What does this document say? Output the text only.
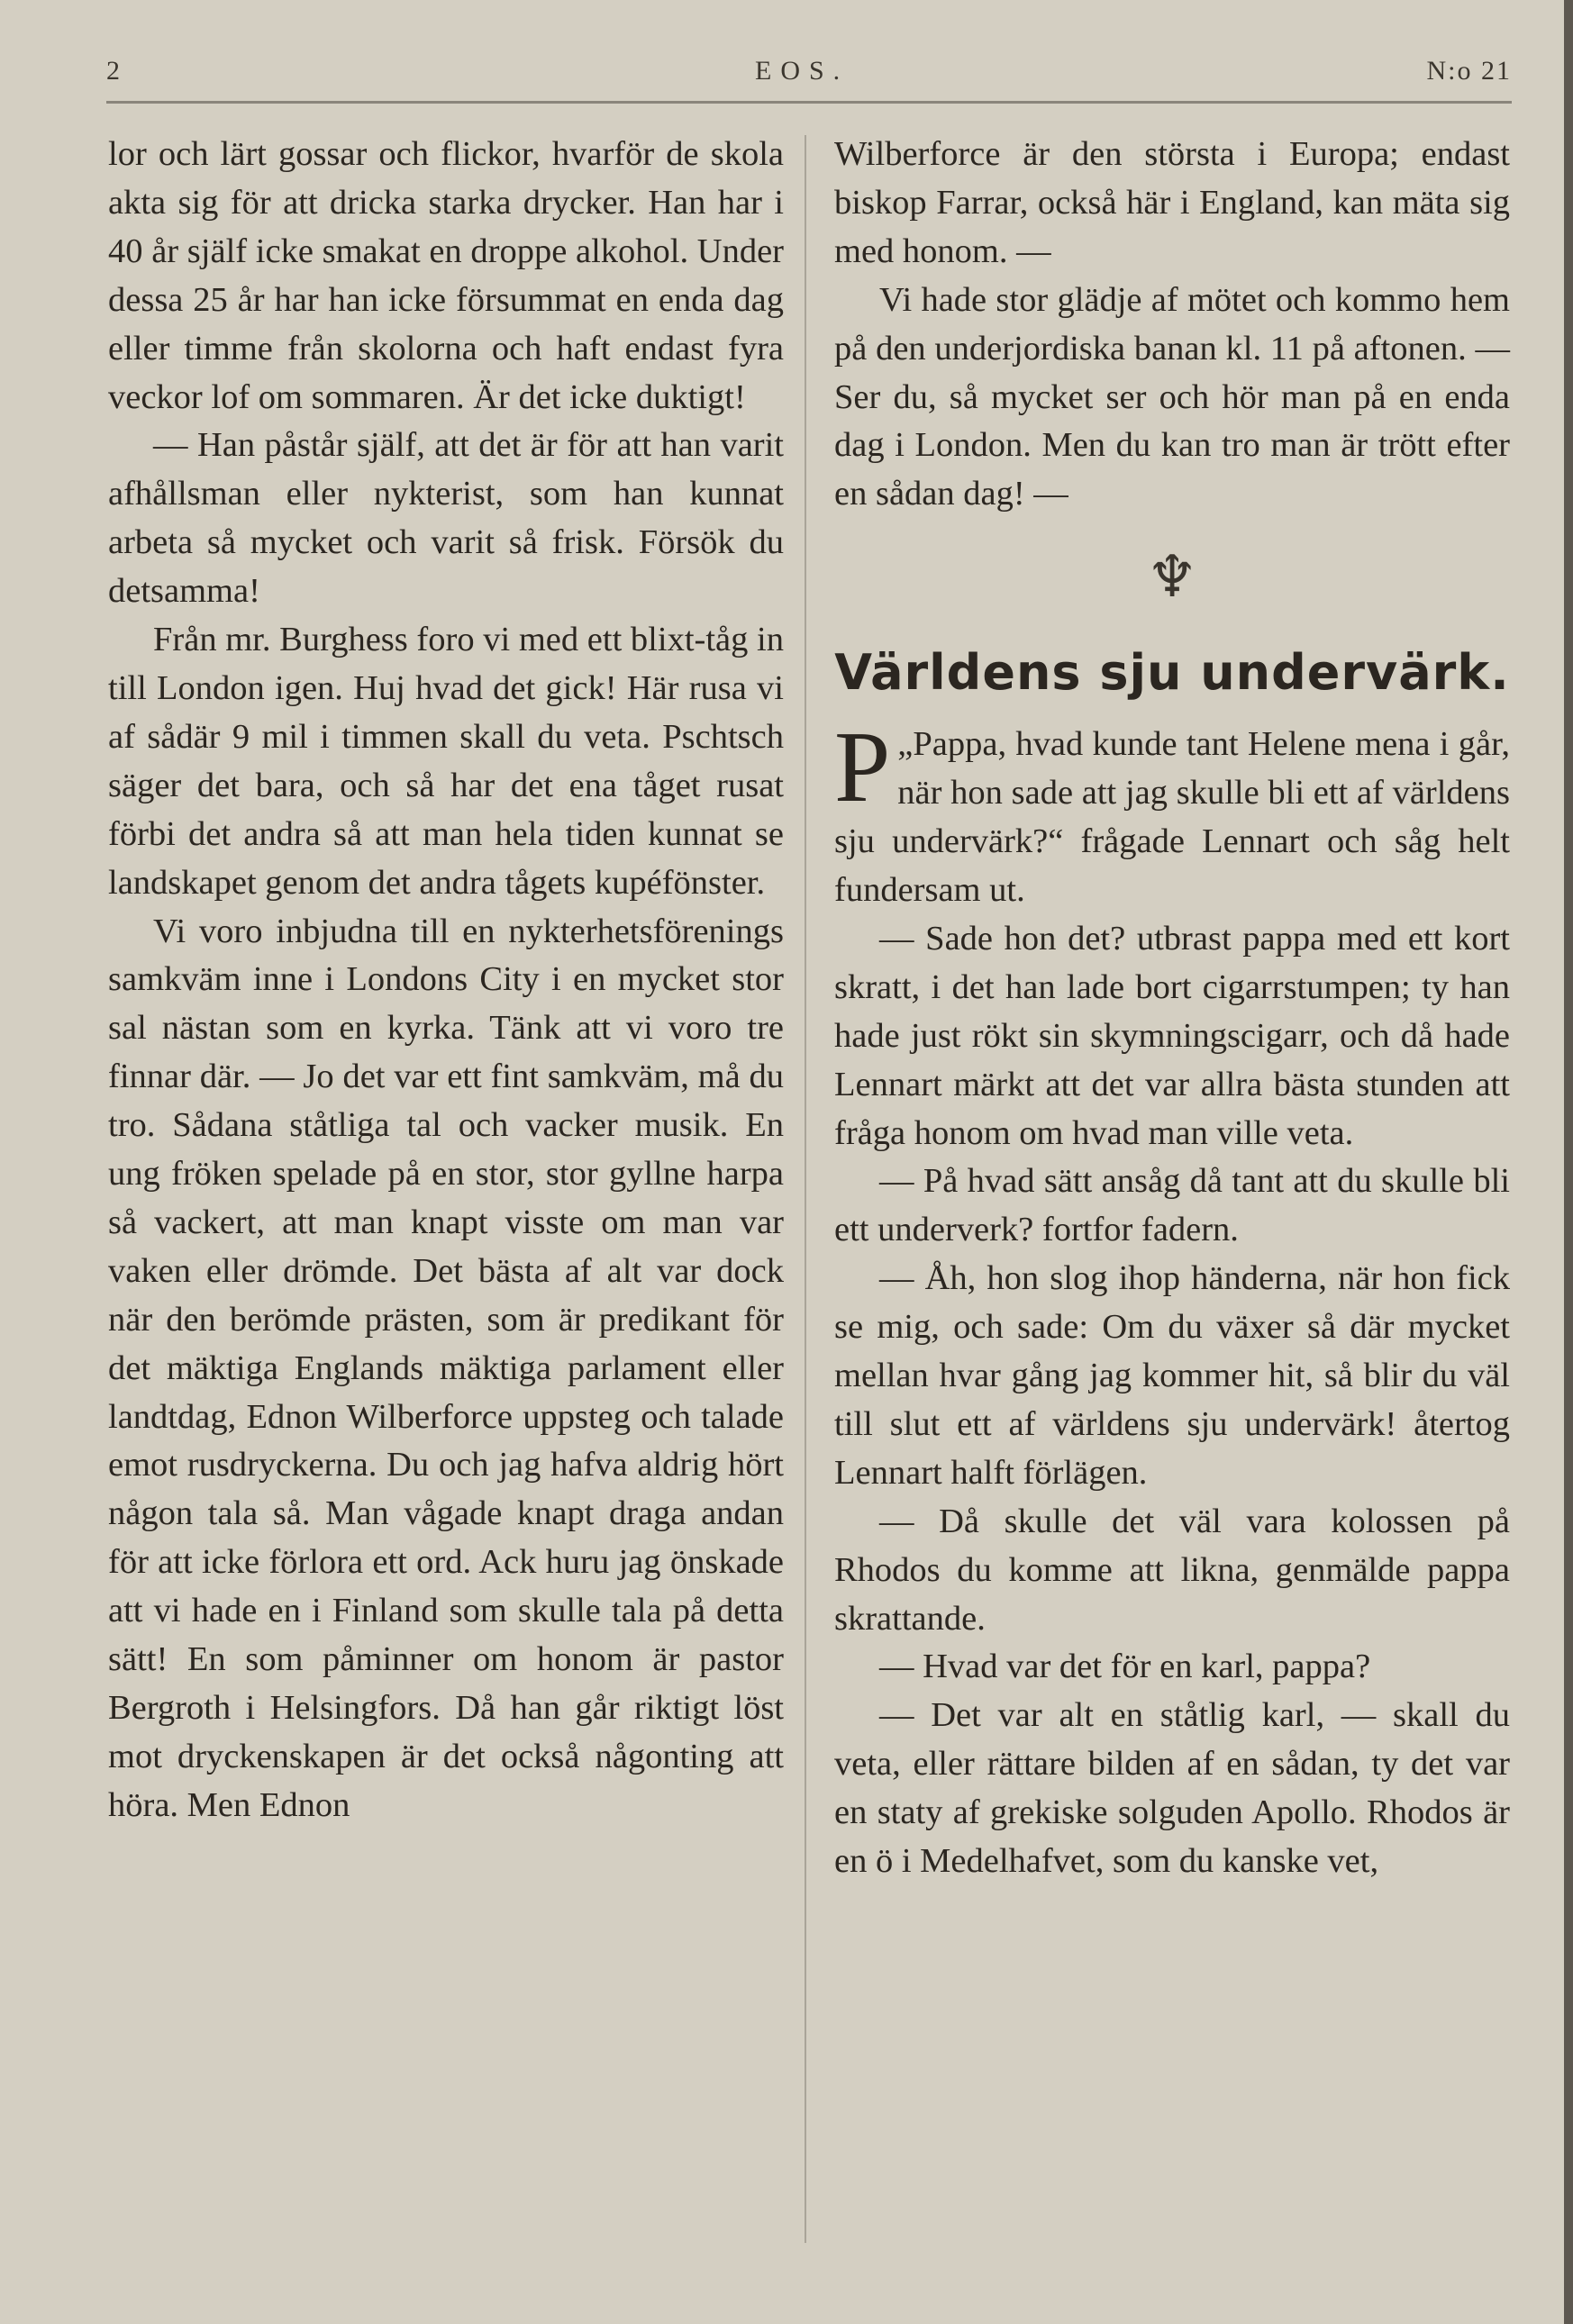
2	EOS.	N:o 21

lor och lärt gossar och flickor, hvarför de skola akta sig för att dricka starka drycker. Han har i 40 år själf icke smakat en droppe alkohol. Under dessa 25 år har han icke försummat en enda dag eller timme från skolorna och haft endast fyra veckor lof om sommaren. Är det icke duktigt!

— Han påstår själf, att det är för att han varit afhållsman eller nykterist, som han kunnat arbeta så mycket och varit så frisk. Försök du detsamma!

Från mr. Burghess foro vi med ett blixt-tåg in till London igen. Huj hvad det gick! Här rusa vi af sådär 9 mil i timmen skall du veta. Pschtsch säger det bara, och så har det ena tåget rusat förbi det andra så att man hela tiden kunnat se landskapet genom det andra tågets kupéfönster.

Vi voro inbjudna till en nykterhetsförenings samkväm inne i Londons City i en mycket stor sal nästan som en kyrka. Tänk att vi voro tre finnar där. — Jo det var ett fint samkväm, må du tro. Sådana ståtliga tal och vacker musik. En ung fröken spelade på en stor, stor gyllne harpa så vackert, att man knapt visste om man var vaken eller drömde. Det bästa af alt var dock när den berömde prästen, som är predikant för det mäktiga Englands mäktiga parlament eller landtdag, Ednon Wilberforce uppsteg och talade emot rusdryckerna. Du och jag hafva aldrig hört någon tala så. Man vågade knapt draga andan för att icke förlora ett ord. Ack huru jag önskade att vi hade en i Finland som skulle tala på detta sätt! En som påminner om honom är pastor Bergroth i Helsingfors. Då han går riktigt löst mot dryckenskapen är det också någonting att höra. Men Ednon

Wilberforce är den största i Europa; endast biskop Farrar, också här i England, kan mäta sig med honom. —

Vi hade stor glädje af mötet och kommo hem på den underjordiska banan kl. 11 på aftonen. — Ser du, så mycket ser och hör man på en enda dag i London. Men du kan tro man är trött efter en sådan dag! —

♆
Världens sju undervärk.

P „Pappa, hvad kunde tant Helene mena i går, när hon sade att jag skulle bli ett af världens sju undervärk?“ frågade Lennart och såg helt fundersam ut.

— Sade hon det? utbrast pappa med ett kort skratt, i det han lade bort cigarrstumpen; ty han hade just rökt sin skymningscigarr, och då hade Lennart märkt att det var allra bästa stunden att fråga honom om hvad man ville veta.

— På hvad sätt ansåg då tant att du skulle bli ett underverk? fortfor fadern.

— Åh, hon slog ihop händerna, när hon fick se mig, och sade: Om du växer så där mycket mellan hvar gång jag kommer hit, så blir du väl till slut ett af världens sju undervärk! återtog Lennart halft förlägen.

— Då skulle det väl vara kolossen på Rhodos du komme att likna, genmälde pappa skrattande.

— Hvad var det för en karl, pappa?

— Det var alt en ståtlig karl, — skall du veta, eller rättare bilden af en sådan, ty det var en staty af grekiske solguden Apollo. Rhodos är en ö i Medelhafvet, som du kanske vet,
